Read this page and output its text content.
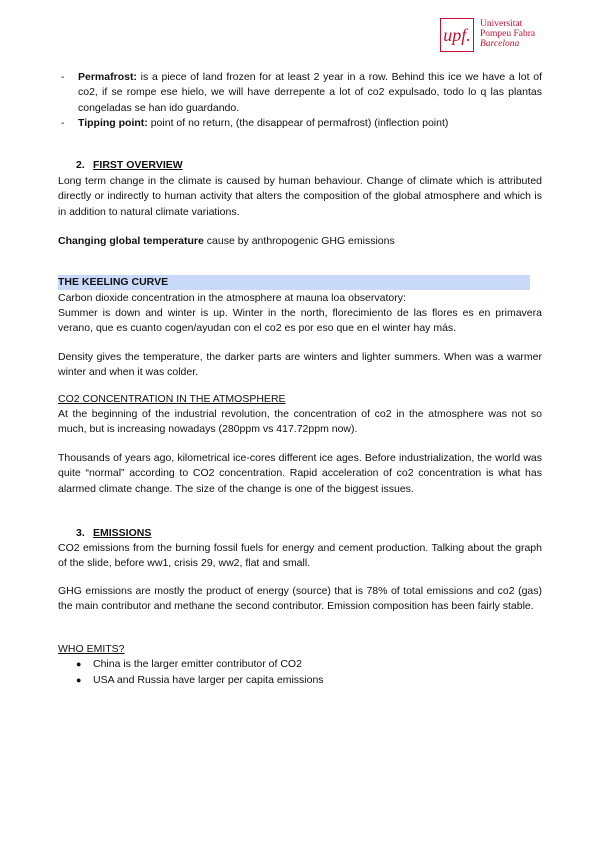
upf.
Universitat
Pompeu Fabra
Barcelona
- Permafrost: is a piece of land frozen for at least 2 year in a row. Behind this ice we have a lot of co2, if se rompe ese hielo, we will have derrepente a lot of co2 expulsado, todo lo q las plantas congeladas se han ido guardando.
- Tipping point: point of no return, (the disappear of permafrost) (inflection point)
2. FIRST OVERVIEW

Long term change in the climate is caused by human behaviour. Change of climate which is attributed directly or indirectly to human activity that alters the composition of the global atmosphere and which is in addition to natural climate variations.

Changing global temperature cause by anthropogenic GHG emissions

THE KEELING CURVE

Carbon dioxide concentration in the atmosphere at mauna loa observatory:

Summer is down and winter is up. Winter in the north, florecimiento de las flores es en primavera verano, que es cuanto cogen/ayudan con el co2 es por eso que en el winter hay más.

Density gives the temperature, the darker parts are winters and lighter summers. When was a warmer winter and when it was colder.

CO2 CONCENTRATION IN THE ATMOSPHERE

At the beginning of the industrial revolution, the concentration of co2 in the atmosphere was not so much, but is increasing nowadays (280ppm vs 417.72ppm now).

Thousands of years ago, kilometrical ice-cores different ice ages. Before industrialization, the world was quite “normal” according to CO2 concentration. Rapid acceleration of co2 concentration is what has alarmed climate change. The size of the change is one of the biggest issues.

3. EMISSIONS

CO2 emissions from the burning fossil fuels for energy and cement production. Talking about the graph of the slide, before ww1, crisis 29, ww2, flat and small.

GHG emissions are mostly the product of energy (source) that is 78% of total emissions and co2 (gas) the main contributor and methane the second contributor. Emission composition has been fairly stable.

WHO EMITS?

● China is the larger emitter contributor of CO2
● USA and Russia have larger per capita emissions
